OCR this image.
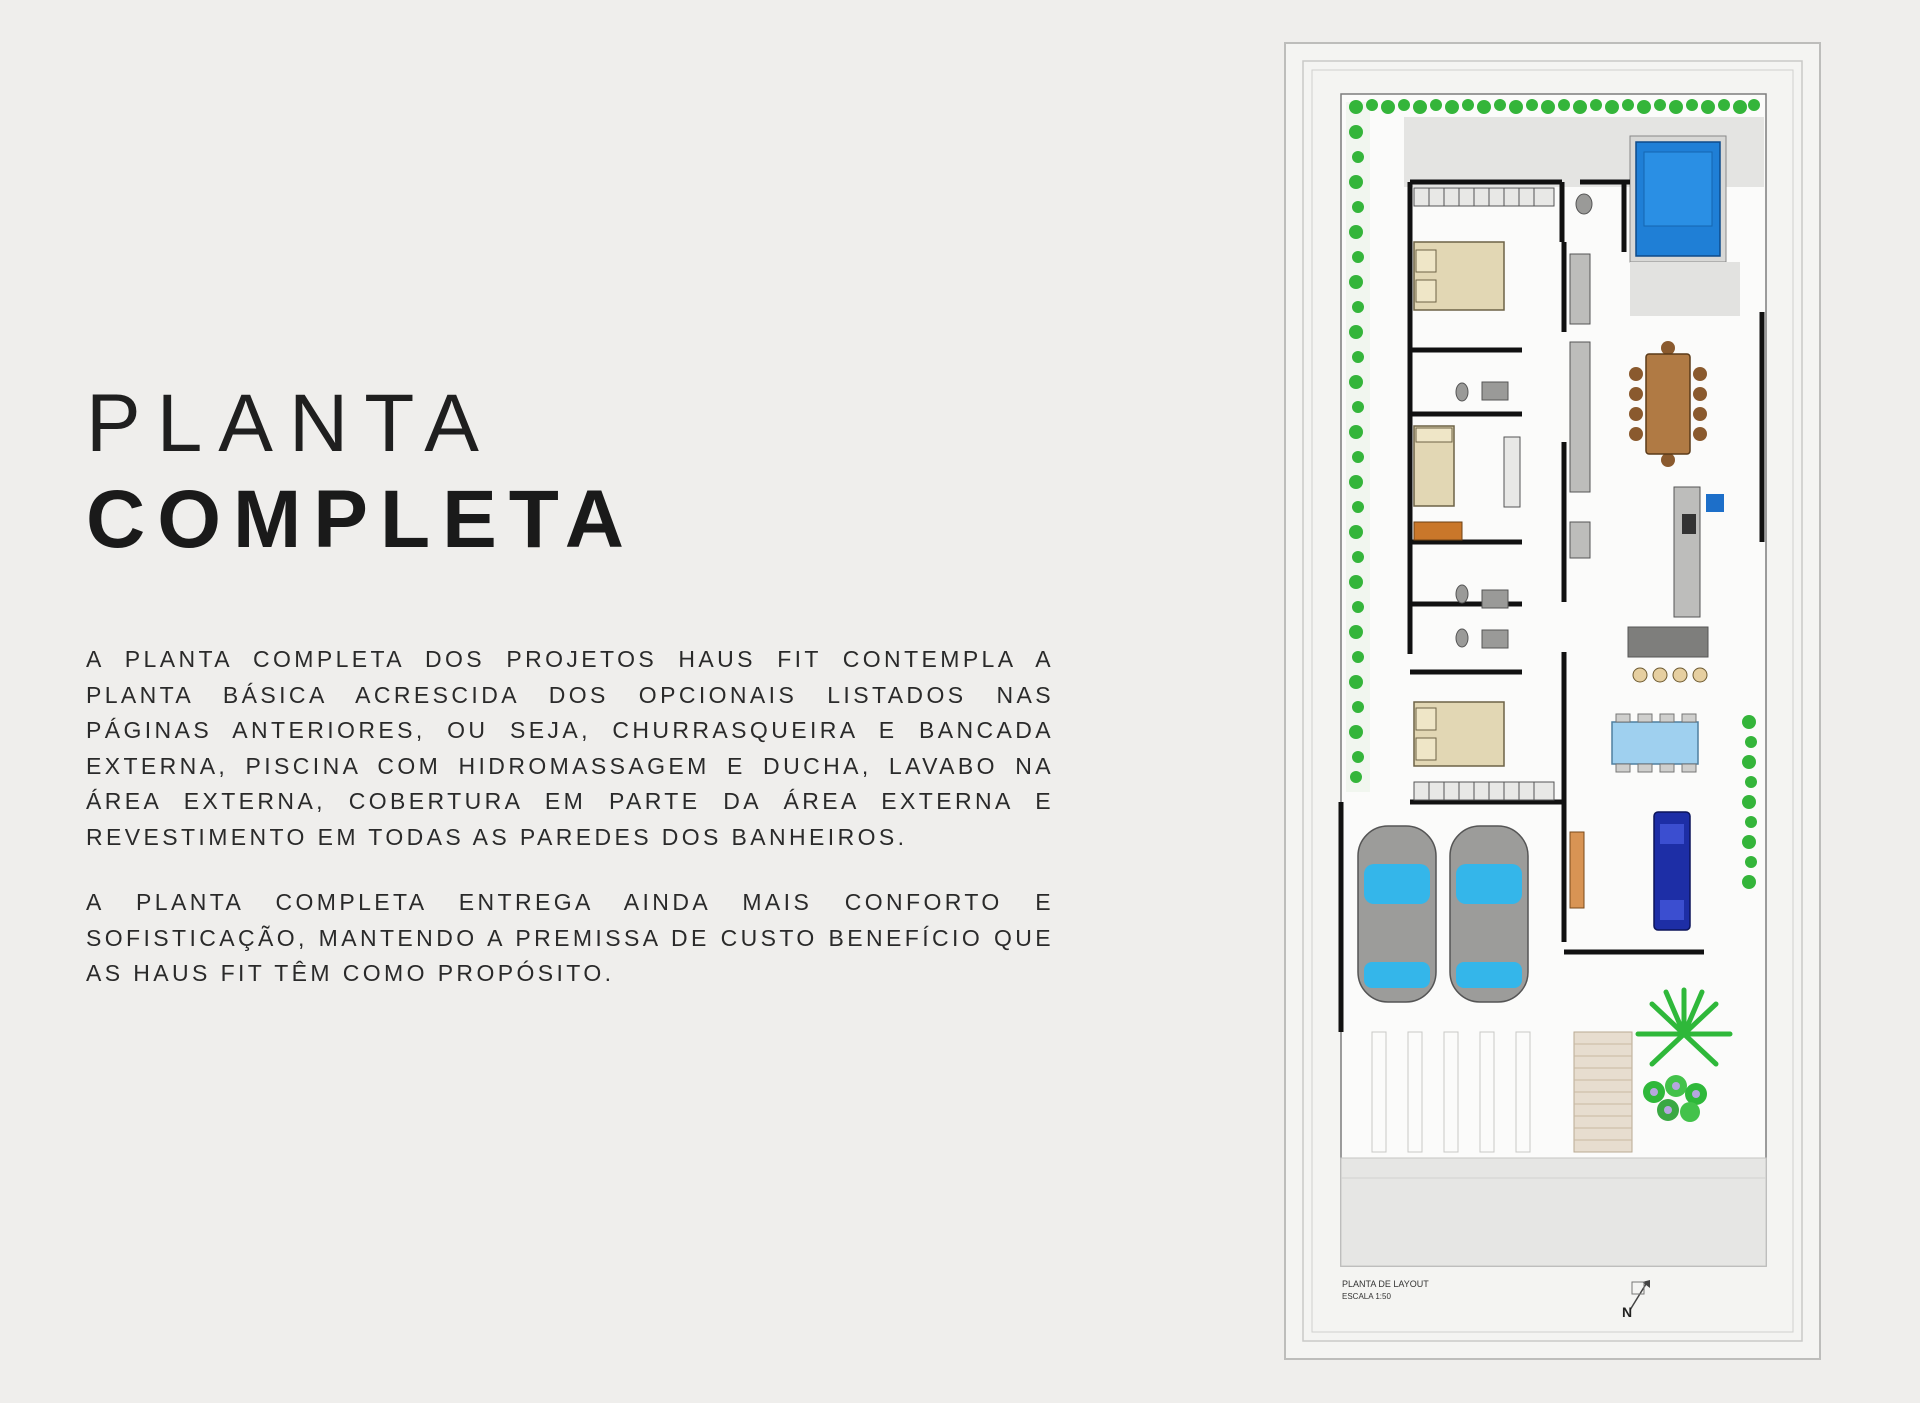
PLANTA
COMPLETA

A PLANTA COMPLETA DOS PROJETOS HAUS FIT CONTEMPLA A PLANTA BÁSICA ACRESCIDA DOS OPCIONAIS LISTADOS NAS PÁGINAS ANTERIORES, OU SEJA, CHURRASQUEIRA E BANCADA EXTERNA, PISCINA COM HIDROMASSAGEM E DUCHA, LAVABO NA ÁREA EXTERNA, COBERTURA EM PARTE DA ÁREA EXTERNA E REVESTIMENTO EM TODAS AS PAREDES DOS BANHEIROS.

A PLANTA COMPLETA ENTREGA AINDA MAIS CONFORTO E SOFISTICAÇÃO, MANTENDO A PREMISSA DE CUSTO BENEFÍCIO QUE AS HAUS FIT TÊM COMO PROPÓSITO.

PLANTA DE LAYOUT
ESCALA 1:50
N
